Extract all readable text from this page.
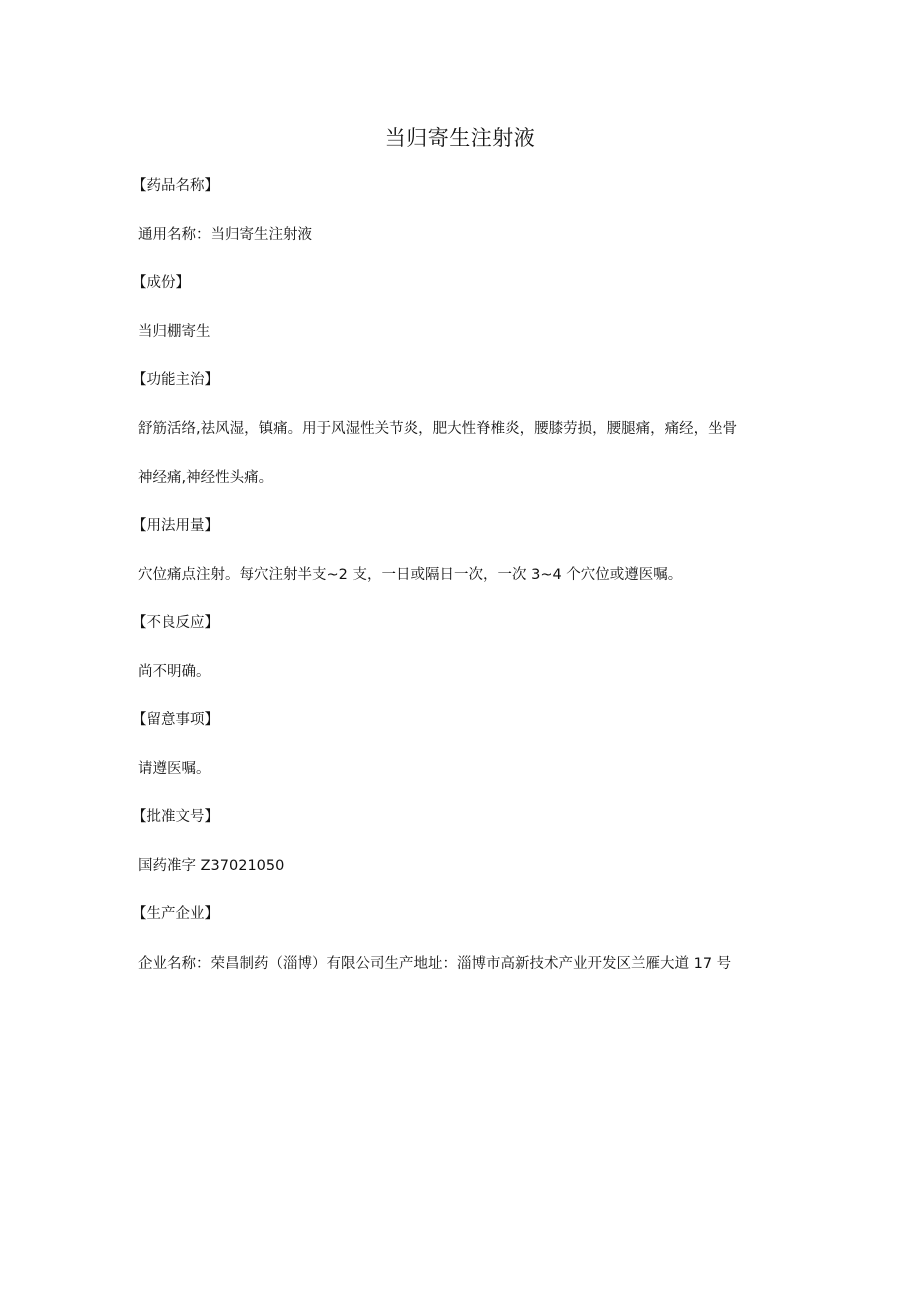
当归寄生注射液
【药品名称】
通用名称：当归寄生注射液
【成份】
当归棚寄生
【功能主治】
舒筋活络,祛风湿，镇痛。用于风湿性关节炎，肥大性脊椎炎，腰膝劳损，腰腿痛，痛经，坐骨
神经痛,神经性头痛。
【用法用量】
穴位痛点注射。每穴注射半支~2 支，一日或隔日一次，一次 3~4 个穴位或遵医嘱。
【不良反应】
尚不明确。
【留意事项】
请遵医嘱。
【批准文号】
国药准字 Z37021050
【生产企业】
企业名称：荣昌制药（淄博）有限公司生产地址：淄博市高新技术产业开发区兰雁大道 17 号
